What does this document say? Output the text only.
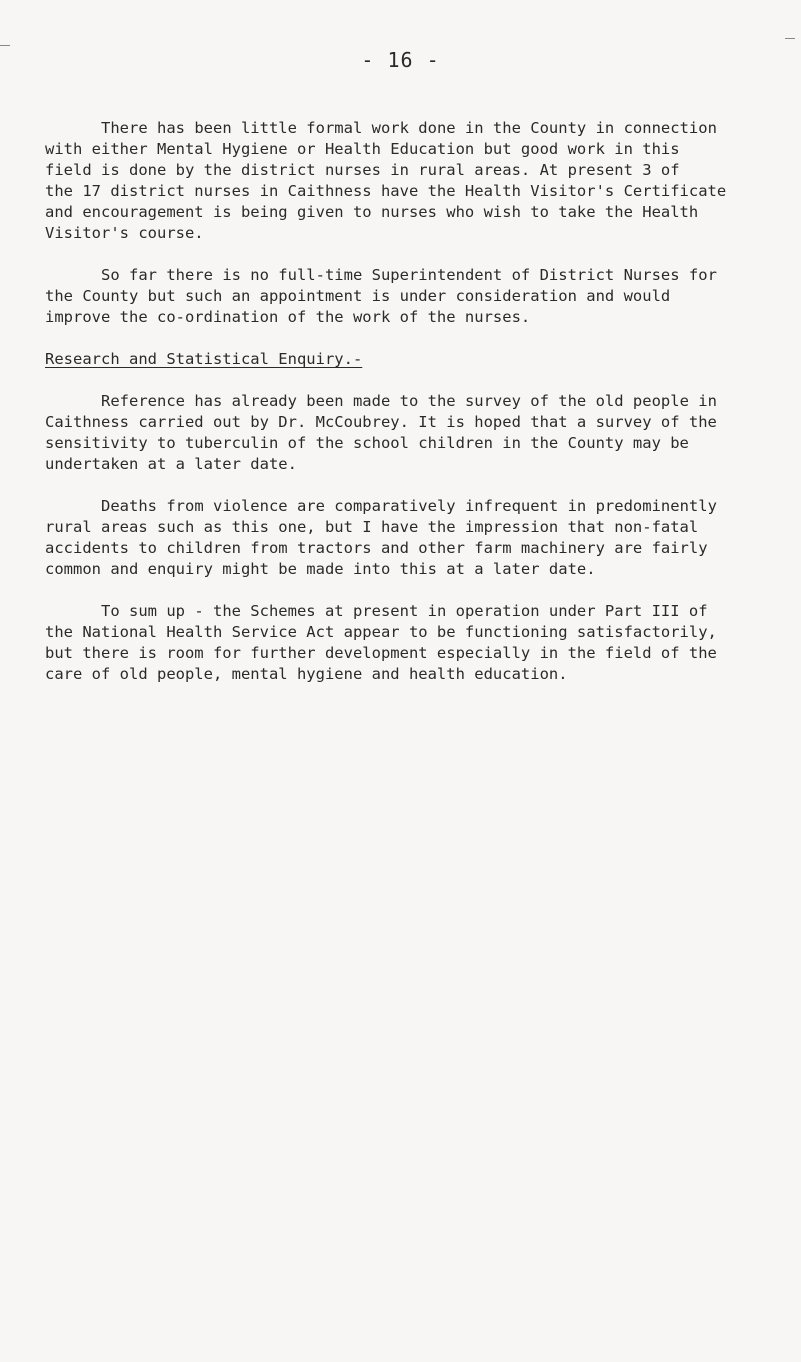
- 16 -
There has been little formal work done in the County in connection
with either Mental Hygiene or Health Education but good work in this
field is done by the district nurses in rural areas. At present 3 of
the 17 district nurses in Caithness have the Health Visitor's Certificate
and encouragement is being given to nurses who wish to take the Health
Visitor's course.
So far there is no full-time Superintendent of District Nurses for
the County but such an appointment is under consideration and would
improve the co-ordination of the work of the nurses.
Research and Statistical Enquiry.-
Reference has already been made to the survey of the old people in
Caithness carried out by Dr. McCoubrey. It is hoped that a survey of the
sensitivity to tuberculin of the school children in the County may be
undertaken at a later date.
Deaths from violence are comparatively infrequent in predominently
rural areas such as this one, but I have the impression that non-fatal
accidents to children from tractors and other farm machinery are fairly
common and enquiry might be made into this at a later date.
To sum up - the Schemes at present in operation under Part III of
the National Health Service Act appear to be functioning satisfactorily,
but there is room for further development especially in the field of the
care of old people, mental hygiene and health education.
